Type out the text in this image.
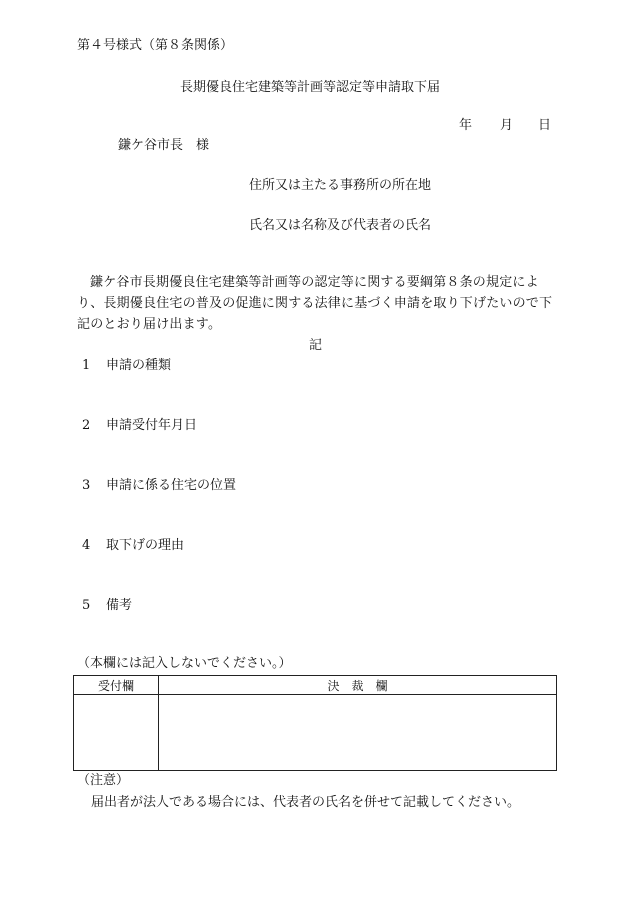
第４号様式（第８条関係）
長期優良住宅建築等計画等認定等申請取下届
年 月 日
鎌ケ谷市長　様
住所又は主たる事務所の所在地
氏名又は名称及び代表者の氏名
鎌ケ谷市長期優良住宅建築等計画等の認定等に関する要綱第８条の規定により、長期優良住宅の普及の促進に関する法律に基づく申請を取り下げたいので下記のとおり届け出ます。
記
1 申請の種類
2 申請受付年月日
3 申請に係る住宅の位置
4 取下げの理由
5 備考
（本欄には記入しないでください。）
受付欄	決　裁　欄

（注意）
届出者が法人である場合には、代表者の氏名を併せて記載してください。
